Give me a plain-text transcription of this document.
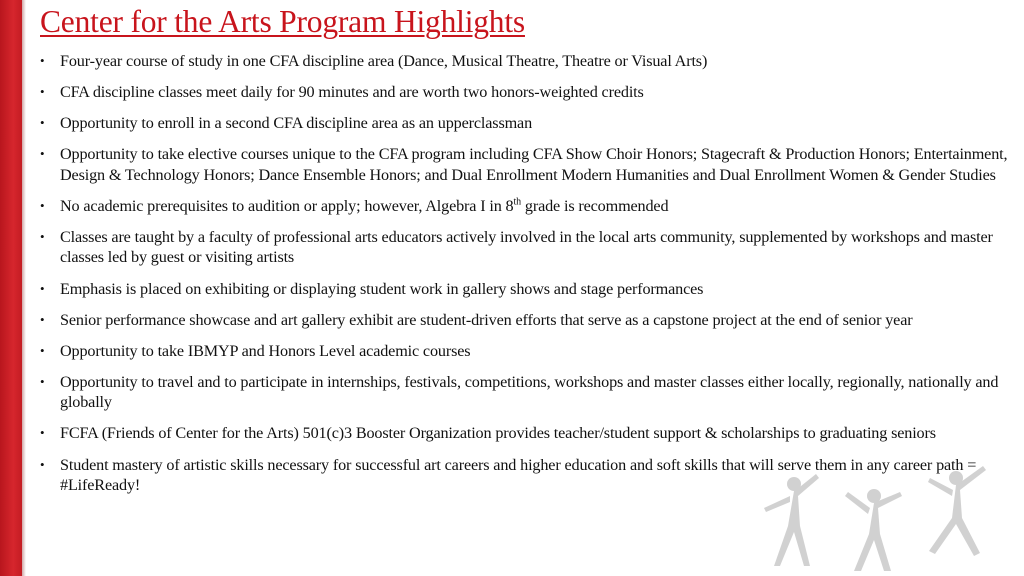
Center for the Arts Program Highlights
• Four-year course of study in one CFA discipline area (Dance, Musical Theatre, Theatre or Visual Arts)
• CFA discipline classes meet daily for 90 minutes and are worth two honors-weighted credits
• Opportunity to enroll in a second CFA discipline area as an upperclassman
• Opportunity to take elective courses unique to the CFA program including CFA Show Choir Honors; Stagecraft & Production Honors; Entertainment, Design & Technology Honors; Dance Ensemble Honors; and Dual Enrollment Modern Humanities and Dual Enrollment Women & Gender Studies
• No academic prerequisites to audition or apply; however, Algebra I in 8th grade is recommended
• Classes are taught by a faculty of professional arts educators actively involved in the local arts community, supplemented by workshops and master classes led by guest or visiting artists
• Emphasis is placed on exhibiting or displaying student work in gallery shows and stage performances
• Senior performance showcase and art gallery exhibit are student-driven efforts that serve as a capstone project at the end of senior year
• Opportunity to take IBMYP and Honors Level academic courses
• Opportunity to travel and to participate in internships, festivals, competitions, workshops and master classes either locally, regionally, nationally and globally
• FCFA (Friends of Center for the Arts) 501(c)3 Booster Organization provides teacher/student support & scholarships to graduating seniors
• Student mastery of artistic skills necessary for successful art careers and higher education and soft skills that will serve them in any career path = #LifeReady!
